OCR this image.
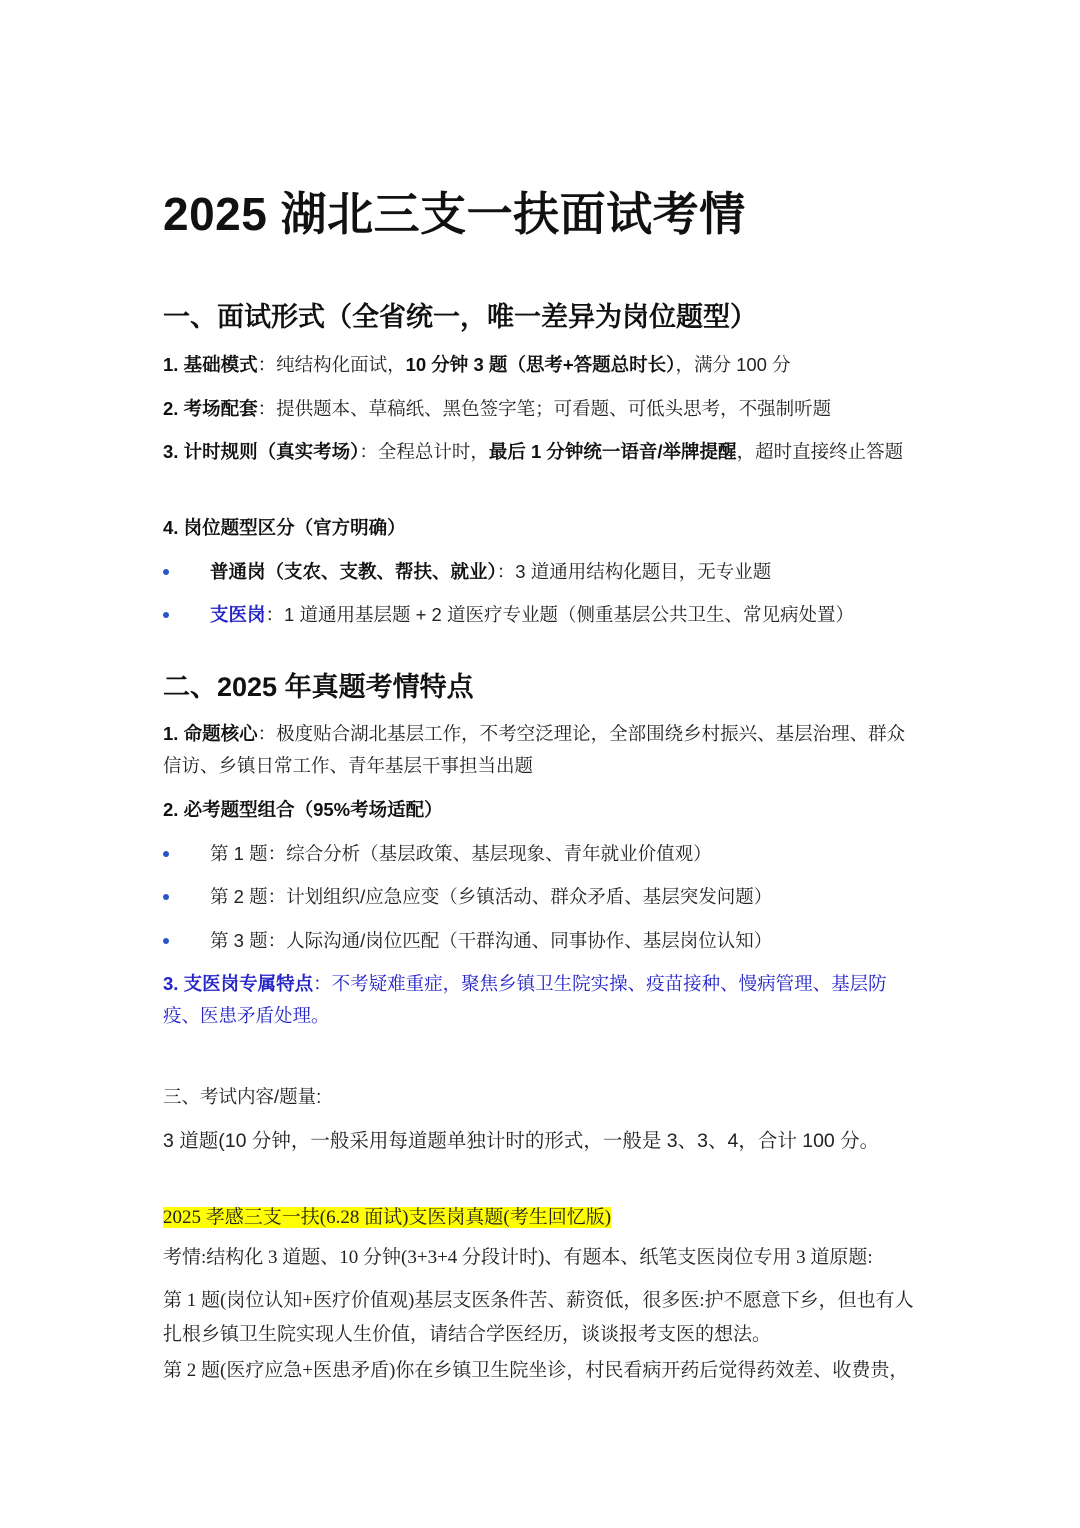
2025 湖北三支一扶面试考情
一、面试形式（全省统一，唯一差异为岗位题型）
1. 基础模式：纯结构化面试，10 分钟 3 题（思考+答题总时长），满分 100 分
2. 考场配套：提供题本、草稿纸、黑色签字笔；可看题、可低头思考，不强制听题
3. 计时规则（真实考场）：全程总计时，最后 1 分钟统一语音/举牌提醒，超时直接终止答题
4. 岗位题型区分（官方明确）
普通岗（支农、支教、帮扶、就业）：3 道通用结构化题目，无专业题
支医岗：1 道通用基层题 + 2 道医疗专业题（侧重基层公共卫生、常见病处置）
二、2025 年真题考情特点
1. 命题核心：极度贴合湖北基层工作，不考空泛理论，全部围绕乡村振兴、基层治理、群众信访、乡镇日常工作、青年基层干事担当出题
2. 必考题型组合（95%考场适配）
第 1 题：综合分析（基层政策、基层现象、青年就业价值观）
第 2 题：计划组织/应急应变（乡镇活动、群众矛盾、基层突发问题）
第 3 题：人际沟通/岗位匹配（干群沟通、同事协作、基层岗位认知）
3. 支医岗专属特点：不考疑难重症，聚焦乡镇卫生院实操、疫苗接种、慢病管理、基层防疫、医患矛盾处理。
三、考试内容/题量:
3 道题(10 分钟，一般采用每道题单独计时的形式，一般是 3、3、4，合计 100 分。
2025 孝感三支一扶(6.28 面试)支医岗真题(考生回忆版)
考情:结构化 3 道题、10 分钟(3+3+4 分段计时)、有题本、纸笔支医岗位专用 3 道原题:
第 1 题(岗位认知+医疗价值观)基层支医条件苦、薪资低，很多医:护不愿意下乡，但也有人扎根乡镇卫生院实现人生价值，请结合学医经历，谈谈报考支医的想法。
第 2 题(医疗应急+医患矛盾)你在乡镇卫生院坐诊，村民看病开药后觉得药效差、收费贵，
